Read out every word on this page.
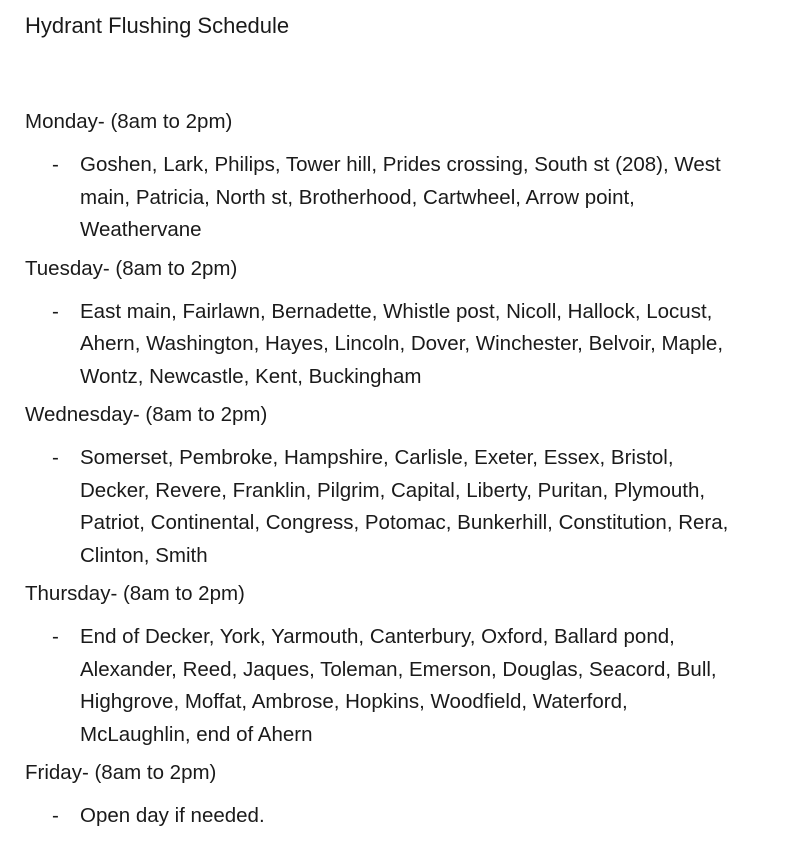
Hydrant Flushing Schedule

Monday- (8am to 2pm)

- Goshen, Lark, Philips, Tower hill, Prides crossing, South st (208), West main, Patricia, North st, Brotherhood, Cartwheel, Arrow point, Weathervane

Tuesday- (8am to 2pm)

- East main, Fairlawn, Bernadette, Whistle post, Nicoll, Hallock, Locust, Ahern, Washington, Hayes, Lincoln, Dover, Winchester, Belvoir, Maple, Wontz, Newcastle, Kent, Buckingham

Wednesday- (8am to 2pm)

- Somerset, Pembroke, Hampshire, Carlisle, Exeter, Essex, Bristol, Decker, Revere, Franklin, Pilgrim, Capital, Liberty, Puritan, Plymouth, Patriot, Continental, Congress, Potomac, Bunkerhill, Constitution, Rera, Clinton, Smith

Thursday- (8am to 2pm)

- End of Decker, York, Yarmouth, Canterbury, Oxford, Ballard pond, Alexander, Reed, Jaques, Toleman, Emerson, Douglas, Seacord, Bull, Highgrove, Moffat, Ambrose, Hopkins, Woodfield, Waterford, McLaughlin, end of Ahern

Friday- (8am to 2pm)

- Open day if needed.
